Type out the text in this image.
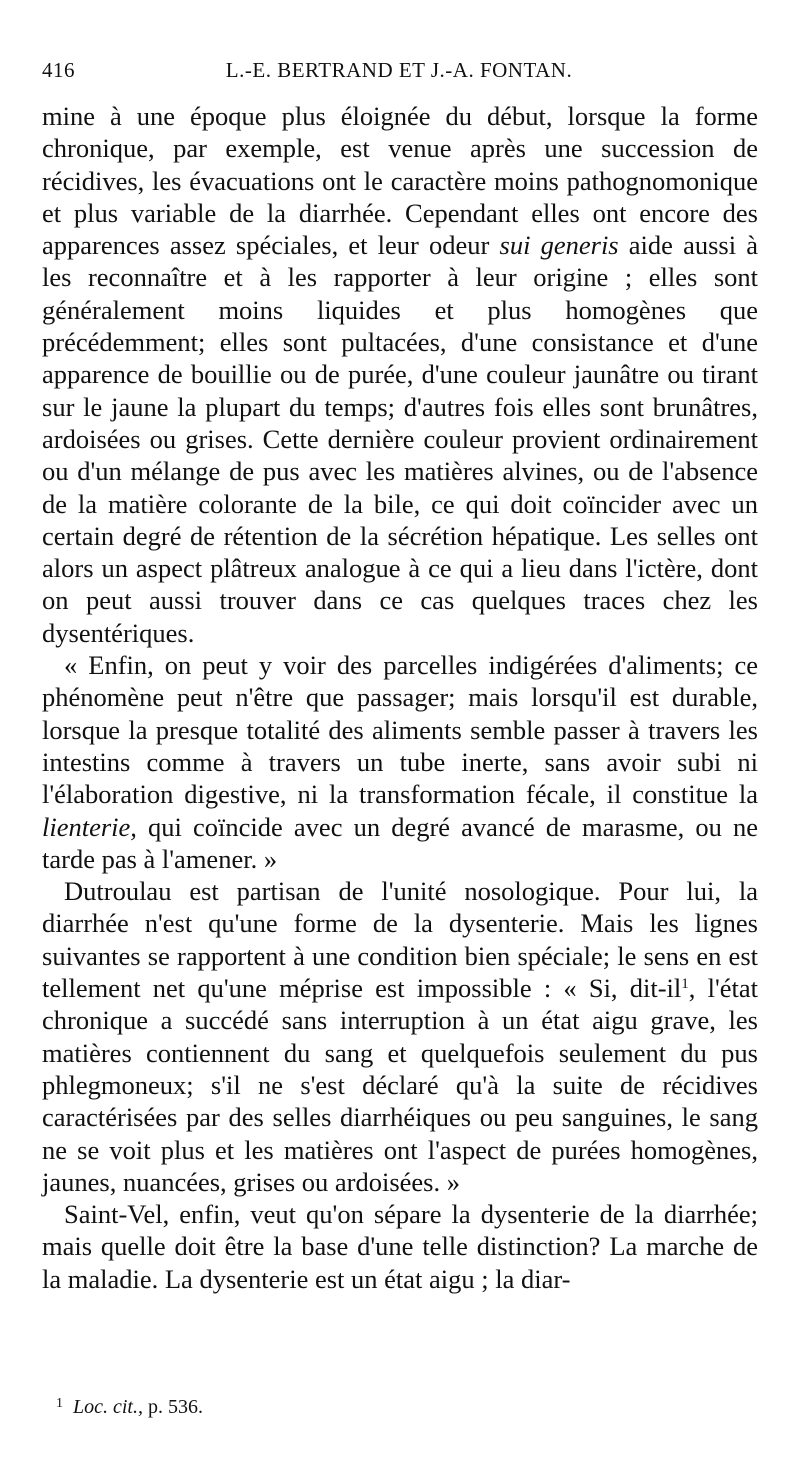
416	L.-E. BERTRAND ET J.-A. FONTAN.

mine à une époque plus éloignée du début, lorsque la forme chronique, par exemple, est venue après une succession de récidives, les évacuations ont le caractère moins pathognomonique et plus variable de la diarrhée. Cependant elles ont encore des apparences assez spéciales, et leur odeur sui generis aide aussi à les reconnaître et à les rapporter à leur origine ; elles sont généralement moins liquides et plus homogènes que précédemment; elles sont pultacées, d'une consistance et d'une apparence de bouillie ou de purée, d'une couleur jaunâtre ou tirant sur le jaune la plupart du temps; d'autres fois elles sont brunâtres, ardoisées ou grises. Cette dernière couleur provient ordinairement ou d'un mélange de pus avec les matières alvines, ou de l'absence de la matière colorante de la bile, ce qui doit coïncider avec un certain degré de rétention de la sécrétion hépatique. Les selles ont alors un aspect plâtreux analogue à ce qui a lieu dans l'ictère, dont on peut aussi trouver dans ce cas quelques traces chez les dysentériques.

« Enfin, on peut y voir des parcelles indigérées d'aliments; ce phénomène peut n'être que passager; mais lorsqu'il est durable, lorsque la presque totalité des aliments semble passer à travers les intestins comme à travers un tube inerte, sans avoir subi ni l'élaboration digestive, ni la transformation fécale, il constitue la lienterie, qui coïncide avec un degré avancé de marasme, ou ne tarde pas à l'amener. »

Dutroulau est partisan de l'unité nosologique. Pour lui, la diarrhée n'est qu'une forme de la dysenterie. Mais les lignes suivantes se rapportent à une condition bien spéciale; le sens en est tellement net qu'une méprise est impossible : « Si, dit-$il^1$, l'état chronique a succédé sans interruption à un état aigu grave, les matières contiennent du sang et quelquefois seulement du pus phlegmoneux; s'il ne s'est déclaré qu'à la suite de récidives caractérisées par des selles diarrhéiques ou peu sanguines, le sang ne se voit plus et les matières ont l'aspect de purées homogènes, jaunes, nuancées, grises ou ardoisées. »

Saint-Vel, enfin, veut qu'on sépare la dysenterie de la diarrhée; mais quelle doit être la base d'une telle distinction? La marche de la maladie. La dysenterie est un état aigu ; la diar-

$^1$ Loc. cit., p. 536.
